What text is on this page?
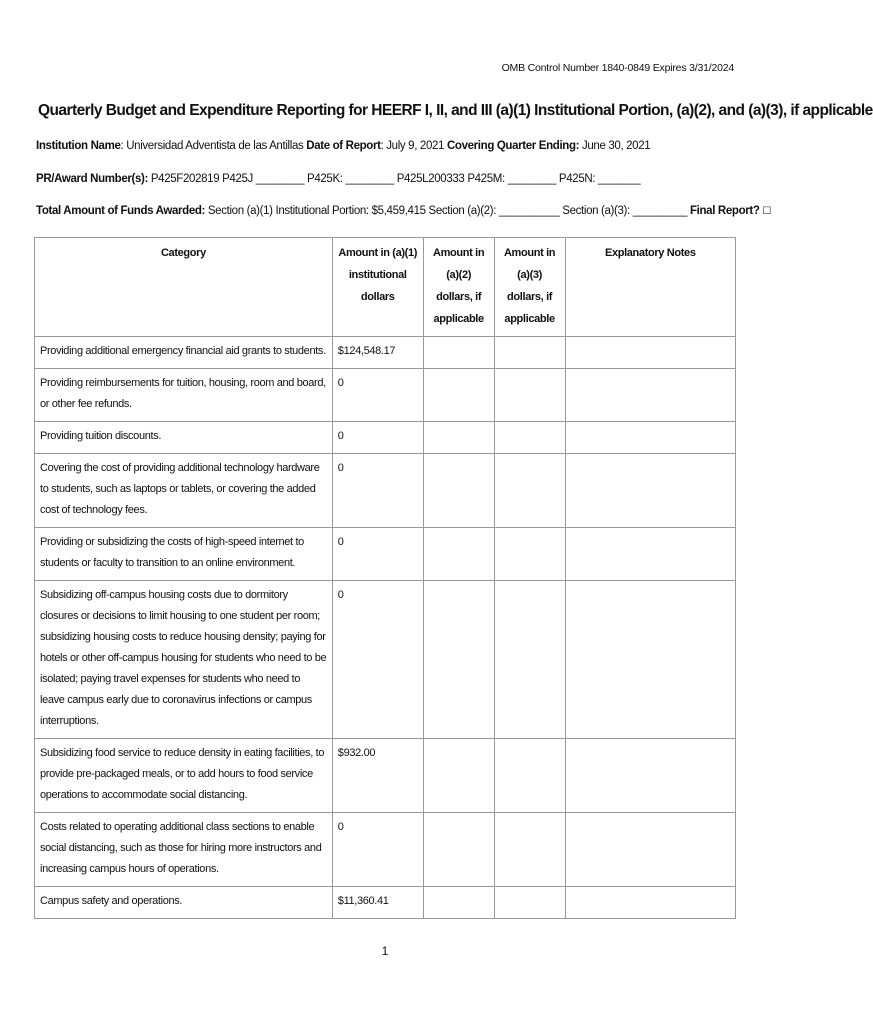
OMB Control Number 1840-0849 Expires 3/31/2024
Quarterly Budget and Expenditure Reporting for HEERF I, II, and III (a)(1) Institutional Portion, (a)(2), and (a)(3), if applicable
Institution Name: Universidad Adventista de las Antillas Date of Report: July 9, 2021 Covering Quarter Ending: June 30, 2021
PR/Award Number(s): P425F202819 P425J ________ P425K: ________ P425L200333 P425M: ________ P425N: _______
Total Amount of Funds Awarded: Section (a)(1) Institutional Portion: $5,459,415 Section (a)(2): __________ Section (a)(3): _________ Final Report? ☐
Category	Amount in (a)(1) institutional dollars	Amount in (a)(2) dollars, if applicable	Amount in (a)(3) dollars, if applicable	Explanatory Notes
Providing additional emergency financial aid grants to students.	$124,548.17			
Providing reimbursements for tuition, housing, room and board, or other fee refunds.	0			
Providing tuition discounts.	0			
Covering the cost of providing additional technology hardware to students, such as laptops or tablets, or covering the added cost of technology fees.	0			
Providing or subsidizing the costs of high-speed internet to students or faculty to transition to an online environment.	0			
Subsidizing off-campus housing costs due to dormitory closures or decisions to limit housing to one student per room; subsidizing housing costs to reduce housing density; paying for hotels or other off-campus housing for students who need to be isolated; paying travel expenses for students who need to leave campus early due to coronavirus infections or campus interruptions.	0			
Subsidizing food service to reduce density in eating facilities, to provide pre-packaged meals, or to add hours to food service operations to accommodate social distancing.	$932.00			
Costs related to operating additional class sections to enable social distancing, such as those for hiring more instructors and increasing campus hours of operations.	0			
Campus safety and operations.	$11,360.41			
1
